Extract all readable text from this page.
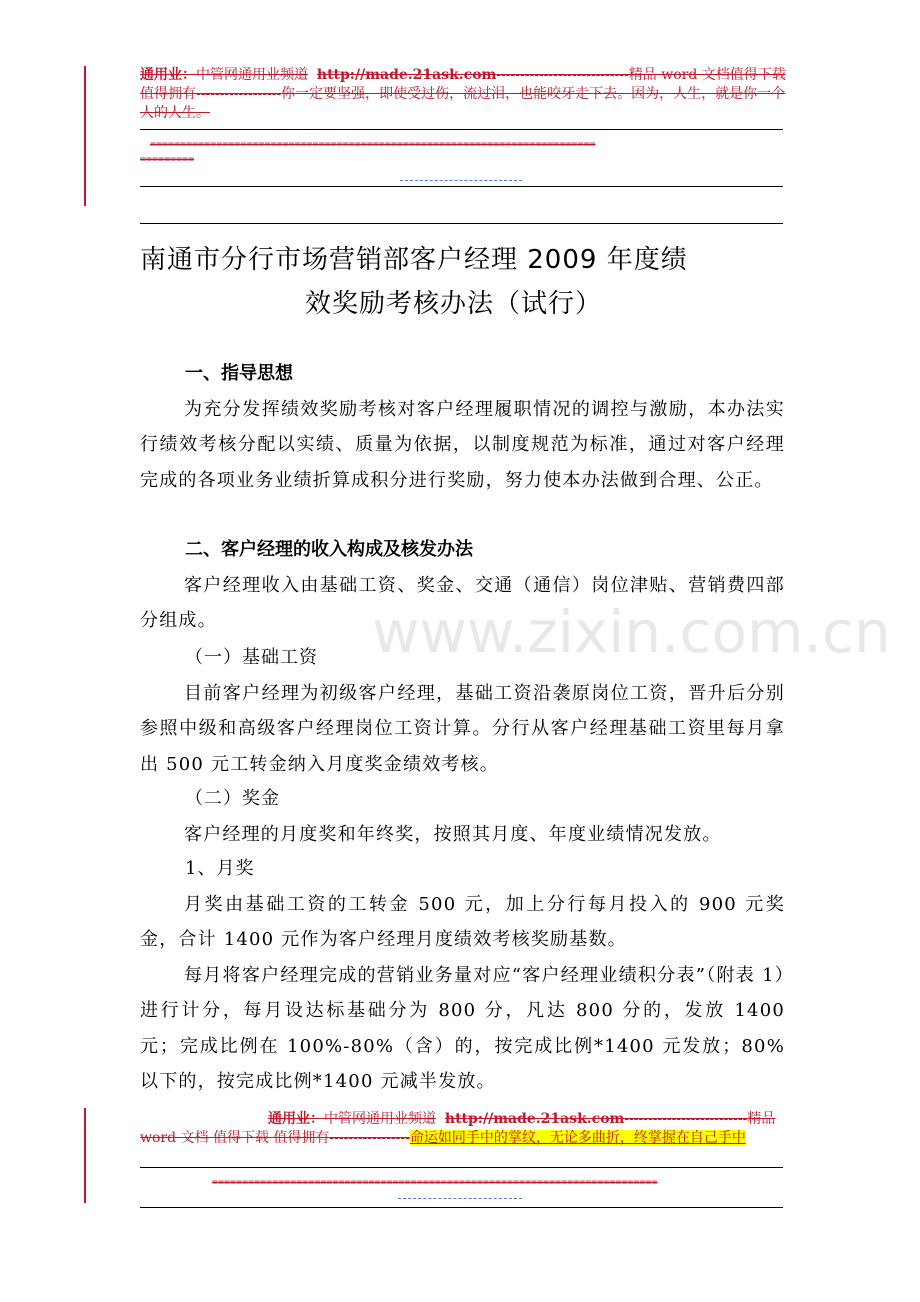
通用业：中管网通用业频道 http://made.21ask.com----------------------------精品 word 文档值得下载 值得拥有------------------你一定要坚强，即使受过伤，流过泪，也能咬牙走下去。因为，人生，就是你一个人的人生。
==========================================================================
=========
南通市分行市场营销部客户经理 2009 年度绩
效奖励考核办法（试行）
一、指导思想
为充分发挥绩效奖励考核对客户经理履职情况的调控与激励，本办法实行绩效考核分配以实绩、质量为依据，以制度规范为标准，通过对客户经理完成的各项业务业绩折算成积分进行奖励，努力使本办法做到合理、公正。
二、客户经理的收入构成及核发办法
客户经理收入由基础工资、奖金、交通（通信）岗位津贴、营销费四部分组成。
（一）基础工资
目前客户经理为初级客户经理，基础工资沿袭原岗位工资，晋升后分别参照中级和高级客户经理岗位工资计算。分行从客户经理基础工资里每月拿出 500 元工转金纳入月度奖金绩效考核。
（二）奖金
客户经理的月度奖和年终奖，按照其月度、年度业绩情况发放。
1、月奖
月奖由基础工资的工转金 500 元，加上分行每月投入的 900 元奖金，合计 1400 元作为客户经理月度绩效考核奖励基数。
每月将客户经理完成的营销业务量对应“客户经理业绩积分表”（附表 1）进行计分，每月设达标基础分为 800 分，凡达 800 分的，发放 1400 元；完成比例在 100%-80%（含）的，按完成比例*1400 元发放；80%以下的，按完成比例*1400 元减半发放。
www.zixin.com.cn
通用业：中管网通用业频道 http://made.21ask.com--------------------------精品 word 文档 值得下载 值得拥有-----------------命运如同手中的掌纹，无论多曲折，终掌握在自己手中
==========================================================================
